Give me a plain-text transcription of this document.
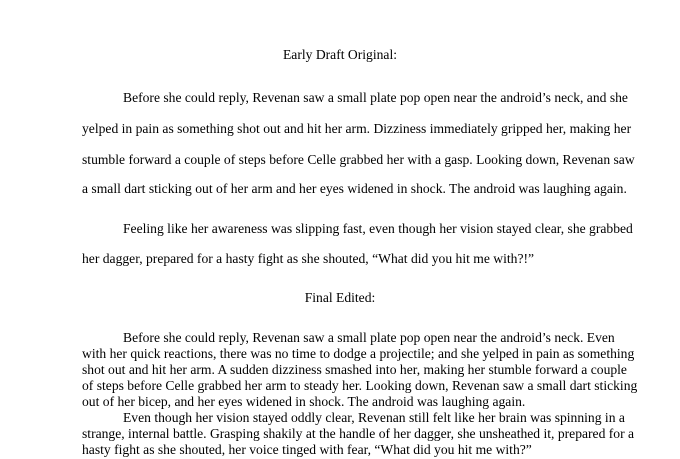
Early Draft Original:
Before she could reply, Revenan saw a small plate pop open near the android’s neck, and she
yelped in pain as something shot out and hit her arm. Dizziness immediately gripped her, making her
stumble forward a couple of steps before Celle grabbed her with a gasp. Looking down, Revenan saw
a small dart sticking out of her arm and her eyes widened in shock. The android was laughing again.
Feeling like her awareness was slipping fast, even though her vision stayed clear, she grabbed
her dagger, prepared for a hasty fight as she shouted, “What did you hit me with?!”
Final Edited:
Before she could reply, Revenan saw a small plate pop open near the android’s neck. Even
with her quick reactions, there was no time to dodge a projectile; and she yelped in pain as something
shot out and hit her arm. A sudden dizziness smashed into her, making her stumble forward a couple
of steps before Celle grabbed her arm to steady her. Looking down, Revenan saw a small dart sticking
out of her bicep, and her eyes widened in shock. The android was laughing again.
Even though her vision stayed oddly clear, Revenan still felt like her brain was spinning in a
strange, internal battle. Grasping shakily at the handle of her dagger, she unsheathed it, prepared for a
hasty fight as she shouted, her voice tinged with fear, “What did you hit me with?”
